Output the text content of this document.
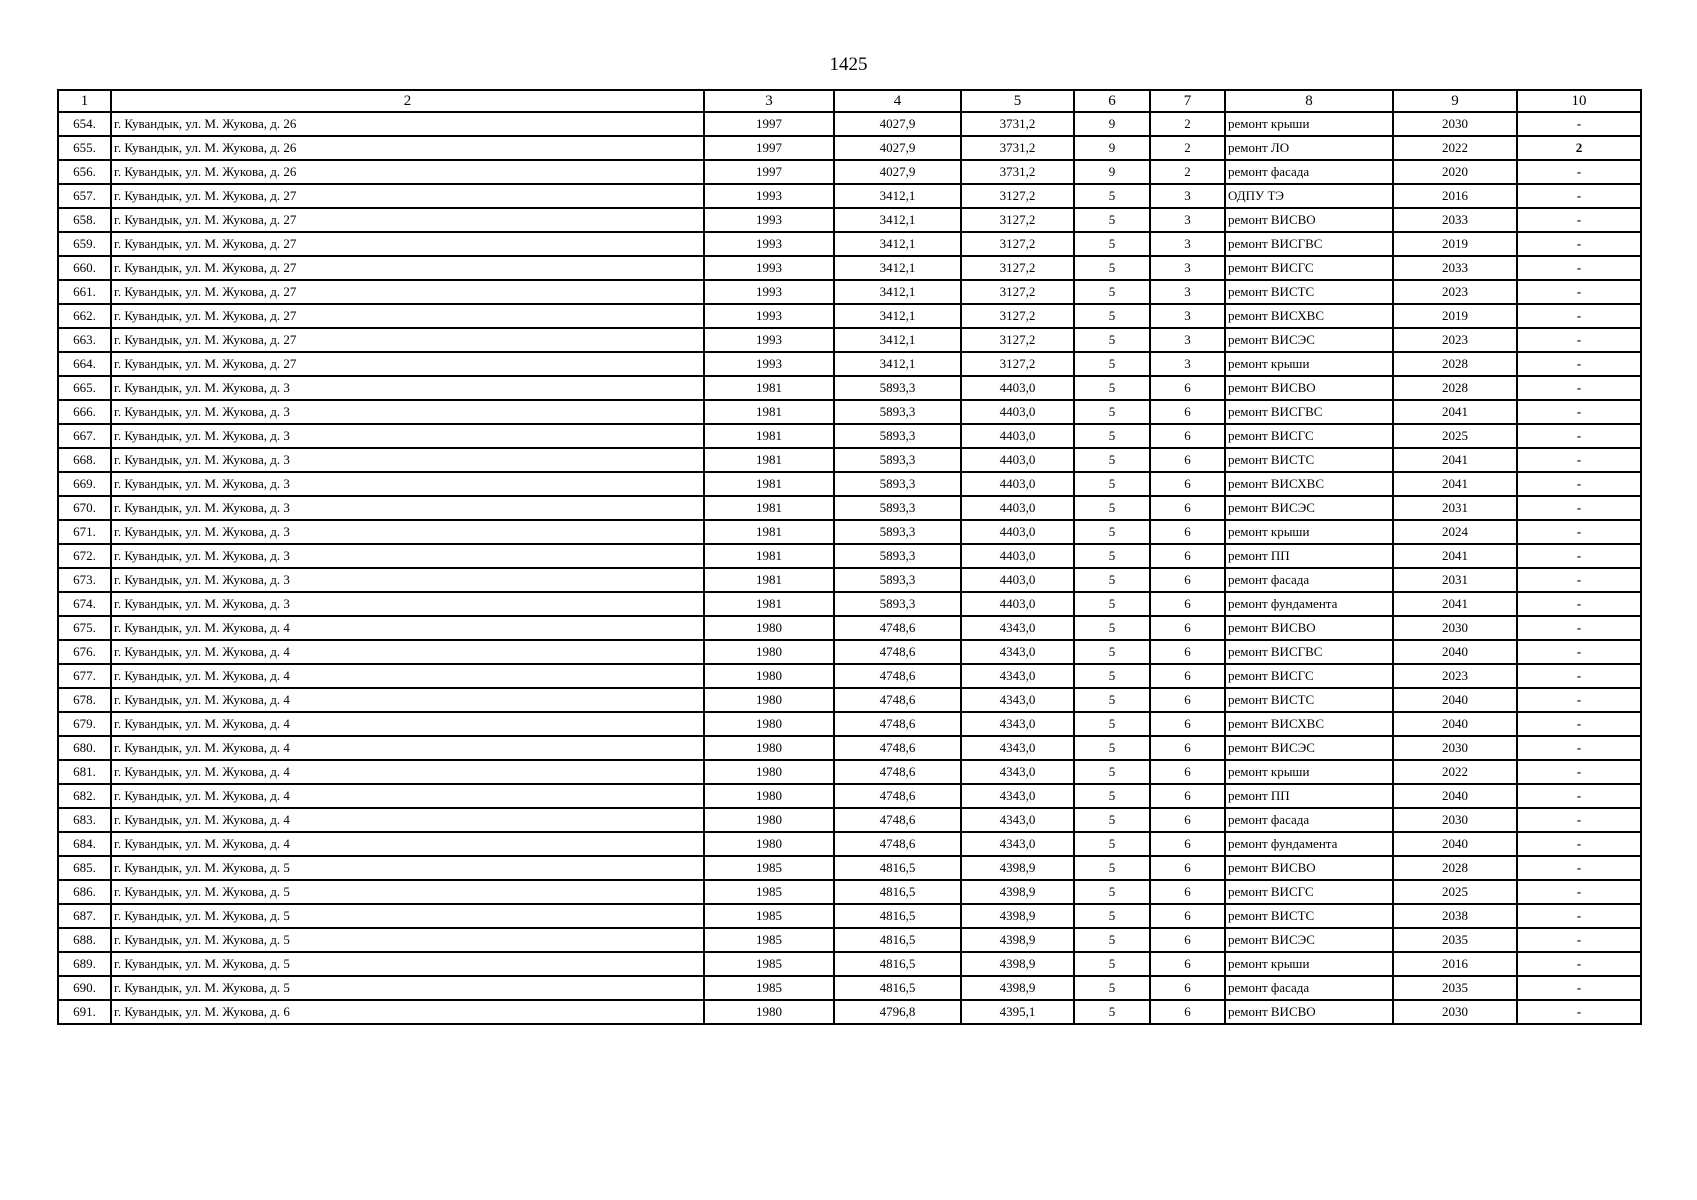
1425
1	2	3	4	5	6	7	8	9	10
654.	г. Кувандык, ул. М. Жукова, д. 26	1997	4027,9	3731,2	9	2	ремонт крыши	2030	-
655.	г. Кувандык, ул. М. Жукова, д. 26	1997	4027,9	3731,2	9	2	ремонт ЛО	2022	2
656.	г. Кувандык, ул. М. Жукова, д. 26	1997	4027,9	3731,2	9	2	ремонт фасада	2020	-
657.	г. Кувандык, ул. М. Жукова, д. 27	1993	3412,1	3127,2	5	3	ОДПУ ТЭ	2016	-
658.	г. Кувандык, ул. М. Жукова, д. 27	1993	3412,1	3127,2	5	3	ремонт ВИСВО	2033	-
659.	г. Кувандык, ул. М. Жукова, д. 27	1993	3412,1	3127,2	5	3	ремонт ВИСГВС	2019	-
660.	г. Кувандык, ул. М. Жукова, д. 27	1993	3412,1	3127,2	5	3	ремонт ВИСГС	2033	-
661.	г. Кувандык, ул. М. Жукова, д. 27	1993	3412,1	3127,2	5	3	ремонт ВИСТС	2023	-
662.	г. Кувандык, ул. М. Жукова, д. 27	1993	3412,1	3127,2	5	3	ремонт ВИСХВС	2019	-
663.	г. Кувандык, ул. М. Жукова, д. 27	1993	3412,1	3127,2	5	3	ремонт ВИСЭС	2023	-
664.	г. Кувандык, ул. М. Жукова, д. 27	1993	3412,1	3127,2	5	3	ремонт крыши	2028	-
665.	г. Кувандык, ул. М. Жукова, д. 3	1981	5893,3	4403,0	5	6	ремонт ВИСВО	2028	-
666.	г. Кувандык, ул. М. Жукова, д. 3	1981	5893,3	4403,0	5	6	ремонт ВИСГВС	2041	-
667.	г. Кувандык, ул. М. Жукова, д. 3	1981	5893,3	4403,0	5	6	ремонт ВИСГС	2025	-
668.	г. Кувандык, ул. М. Жукова, д. 3	1981	5893,3	4403,0	5	6	ремонт ВИСТС	2041	-
669.	г. Кувандык, ул. М. Жукова, д. 3	1981	5893,3	4403,0	5	6	ремонт ВИСХВС	2041	-
670.	г. Кувандык, ул. М. Жукова, д. 3	1981	5893,3	4403,0	5	6	ремонт ВИСЭС	2031	-
671.	г. Кувандык, ул. М. Жукова, д. 3	1981	5893,3	4403,0	5	6	ремонт крыши	2024	-
672.	г. Кувандык, ул. М. Жукова, д. 3	1981	5893,3	4403,0	5	6	ремонт ПП	2041	-
673.	г. Кувандык, ул. М. Жукова, д. 3	1981	5893,3	4403,0	5	6	ремонт фасада	2031	-
674.	г. Кувандык, ул. М. Жукова, д. 3	1981	5893,3	4403,0	5	6	ремонт фундамента	2041	-
675.	г. Кувандык, ул. М. Жукова, д. 4	1980	4748,6	4343,0	5	6	ремонт ВИСВО	2030	-
676.	г. Кувандык, ул. М. Жукова, д. 4	1980	4748,6	4343,0	5	6	ремонт ВИСГВС	2040	-
677.	г. Кувандык, ул. М. Жукова, д. 4	1980	4748,6	4343,0	5	6	ремонт ВИСГС	2023	-
678.	г. Кувандык, ул. М. Жукова, д. 4	1980	4748,6	4343,0	5	6	ремонт ВИСТС	2040	-
679.	г. Кувандык, ул. М. Жукова, д. 4	1980	4748,6	4343,0	5	6	ремонт ВИСХВС	2040	-
680.	г. Кувандык, ул. М. Жукова, д. 4	1980	4748,6	4343,0	5	6	ремонт ВИСЭС	2030	-
681.	г. Кувандык, ул. М. Жукова, д. 4	1980	4748,6	4343,0	5	6	ремонт крыши	2022	-
682.	г. Кувандык, ул. М. Жукова, д. 4	1980	4748,6	4343,0	5	6	ремонт ПП	2040	-
683.	г. Кувандык, ул. М. Жукова, д. 4	1980	4748,6	4343,0	5	6	ремонт фасада	2030	-
684.	г. Кувандык, ул. М. Жукова, д. 4	1980	4748,6	4343,0	5	6	ремонт фундамента	2040	-
685.	г. Кувандык, ул. М. Жукова, д. 5	1985	4816,5	4398,9	5	6	ремонт ВИСВО	2028	-
686.	г. Кувандык, ул. М. Жукова, д. 5	1985	4816,5	4398,9	5	6	ремонт ВИСГС	2025	-
687.	г. Кувандык, ул. М. Жукова, д. 5	1985	4816,5	4398,9	5	6	ремонт ВИСТС	2038	-
688.	г. Кувандык, ул. М. Жукова, д. 5	1985	4816,5	4398,9	5	6	ремонт ВИСЭС	2035	-
689.	г. Кувандык, ул. М. Жукова, д. 5	1985	4816,5	4398,9	5	6	ремонт крыши	2016	-
690.	г. Кувандык, ул. М. Жукова, д. 5	1985	4816,5	4398,9	5	6	ремонт фасада	2035	-
691.	г. Кувандык, ул. М. Жукова, д. 6	1980	4796,8	4395,1	5	6	ремонт ВИСВО	2030	-
